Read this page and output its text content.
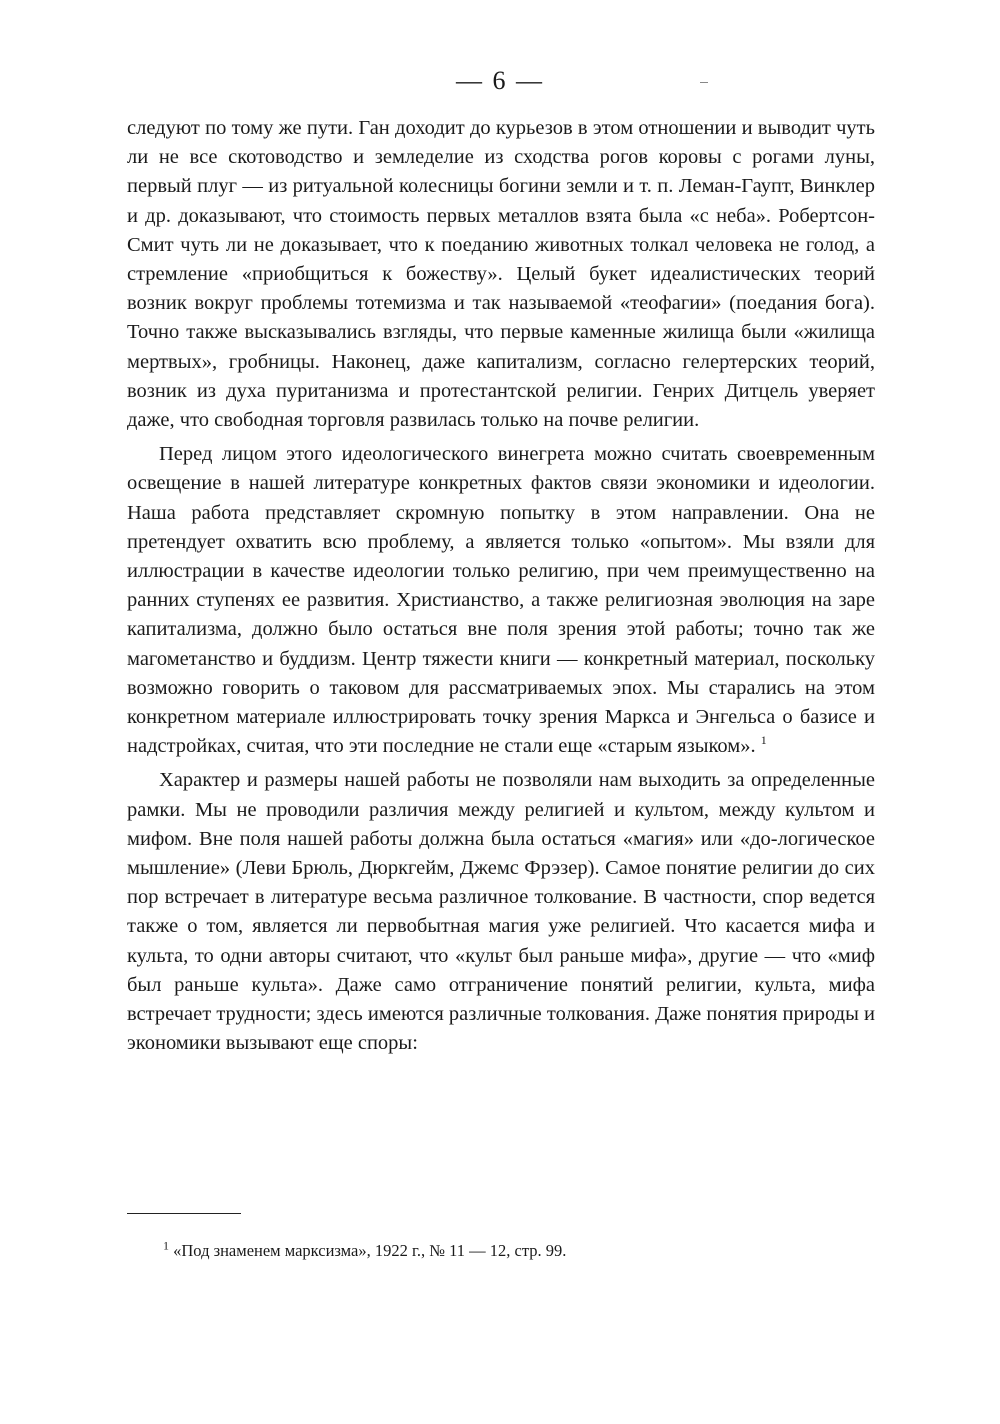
— 6 —

следуют по тому же пути. Ган доходит до курьезов в этом отношении и выводит чуть ли не все скотоводство и земледелие из сходства рогов коровы с рогами луны, первый плуг — из ритуальной колесницы богини земли и т. п. Леман-Гаупт, Винклер и др. доказывают, что стоимость первых металлов взята была «с неба». Робертсон-Смит чуть ли не доказывает, что к поеданию животных толкал человека не голод, а стремление «приобщиться к божеству». Целый букет идеалистических теорий возник вокруг проблемы тотемизма и так называемой «теофагии» (поедания бога). Точно также высказывались взгляды, что первые каменные жилища были «жилища мертвых», гробницы. Наконец, даже капитализм, согласно гелертерских теорий, возник из духа пуританизма и протестантской религии. Генрих Дитцель уверяет даже, что свободная торговля развилась только на почве религии.

Перед лицом этого идеологического винегрета можно считать своевременным освещение в нашей литературе конкретных фактов связи экономики и идеологии. Наша работа представляет скромную попытку в этом направлении. Она не претендует охватить всю проблему, а является только «опытом». Мы взяли для иллюстрации в качестве идеологии только религию, при чем преимущественно на ранних ступенях ее развития. Христианство, а также религиозная эволюция на заре капитализма, должно было остаться вне поля зрения этой работы; точно так же магометанство и буддизм. Центр тяжести книги — конкретный материал, поскольку возможно говорить о таковом для рассматриваемых эпох. Мы старались на этом конкретном материале иллюстрировать точку зрения Маркса и Энгельса о базисе и надстройках, считая, что эти последние не стали еще «старым языком». $^1$

Характер и размеры нашей работы не позволяли нам выходить за определенные рамки. Мы не проводили различия между религией и культом, между культом и мифом. Вне поля нашей работы должна была остаться «магия» или «до-логическое мышление» (Леви Брюль, Дюркгейм, Джемс Фрэзер). Самое понятие религии до сих пор встречает в литературе весьма различное толкование. В частности, спор ведется также о том, является ли первобытная магия уже религией. Что касается мифа и культа, то одни авторы считают, что «культ был раньше мифа», другие — что «миф был раньше культа». Даже само отграничение понятий религии, культа, мифа встречает трудности; здесь имеются различные толкования. Даже понятия природы и экономики вызывают еще споры:

$^1$ «Под знаменем марксизма», 1922 г., № 11 — 12, стр. 99.
